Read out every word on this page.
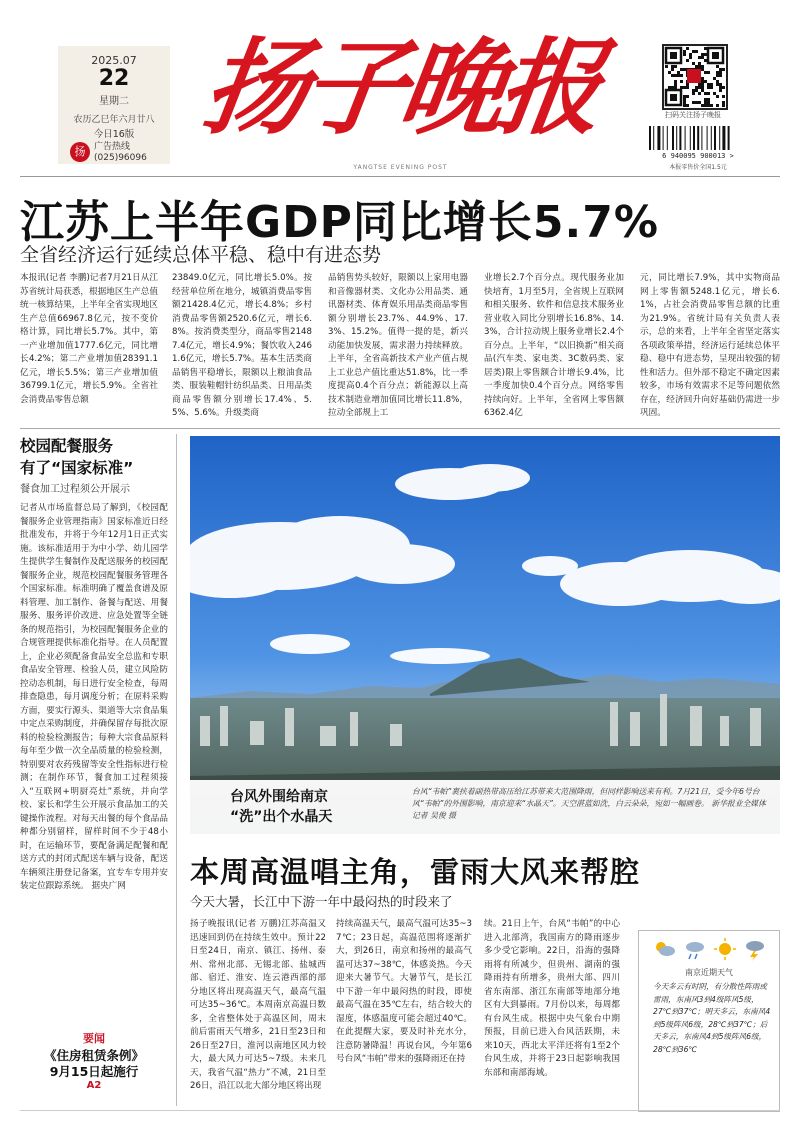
2025.07
22
星期二
农历乙巳年六月廿八
今日16版
扬 广告热线
(025)96096
扬子晚报
YANGTSE EVENING POST
扫码关注扬子晚报
6 940095 900013 >
本报零售价全国1.5元
江苏上半年GDP同比增长5.7%
全省经济运行延续总体平稳、稳中有进态势
本报讯(记者 李鹏)记者7月21日从江苏省统计局获悉，根据地区生产总值统一核算结果，上半年全省实现地区生产总值66967.8亿元，按不变价格计算，同比增长5.7%。其中，第一产业增加值1777.6亿元，同比增长4.2%；第二产业增加值28391.1亿元，增长5.5%；第三产业增加值36799.1亿元，增长5.9%。全省社会消费品零售总额
23849.0亿元，同比增长5.0%。按经营单位所在地分，城镇消费品零售额21428.4亿元，增长4.8%；乡村消费品零售额2520.6亿元，增长6.8%。按消费类型分，商品零售21487.4亿元，增长4.9%；餐饮收入2461.6亿元，增长5.7%。基本生活类商品销售平稳增长，限额以上粮油食品类、服装鞋帽针纺织品类、日用品类商品零售额分别增长17.4%、5.5%、5.6%。升级类商
品销售势头较好，限额以上家用电器和音像器材类、文化办公用品类、通讯器材类、体育娱乐用品类商品零售额分别增长23.7%、44.9%、17.3%、15.2%。值得一提的是，新兴动能加快发展，需求潜力持续释放。上半年，全省高新技术产业产值占规上工业总产值比重达51.8%，比一季度提高0.4个百分点；新能源以上高技术制造业增加值同比增长11.8%，拉动全部规上工
业增长2.7个百分点。现代服务业加快培育，1月至5月，全省规上互联网和相关服务、软件和信息技术服务业营业收入同比分别增长16.8%、14.3%，合计拉动规上服务业增长2.4个百分点。上半年，“以旧换新”相关商品(汽车类、家电类、3C数码类、家居类)限上零售额合计增长9.4%，比一季度加快0.4个百分点。网络零售持续向好。上半年，全省网上零售额6362.4亿
元，同比增长7.9%，其中实物商品网上零售额5248.1亿元，增长6.1%，占社会消费品零售总额的比重为21.9%。省统计局有关负责人表示，总的来看，上半年全省坚定落实各项政策举措，经济运行延续总体平稳、稳中有进态势，呈现出较强的韧性和活力。但外部不稳定不确定因素较多，市场有效需求不足等问题依然存在，经济回升向好基础仍需进一步巩固。
校园配餐服务
有了“国家标准”
餐食加工过程须公开展示
记者从市场监督总局了解到，《校园配餐服务企业管理指南》国家标准近日经批准发布，并将于今年12月1日正式实施。该标准适用于为中小学、幼儿园学生提供学生餐制作及配送服务的校园配餐服务企业，规范校园配餐服务管理各个国家标准。标准明确了覆盖食谱及原料管理、加工制作、备餐与配送、用餐服务、服务评价改进、应急处置等全链条的规范指引，为校园配餐服务企业的合规管理提供标准化指导。在人员配置上，企业必须配备食品安全总监和专职食品安全管理、检验人员，建立风险防控动态机制，每日进行安全检查，每周排查隐患，每月调度分析；在原料采购方面，要实行源头、渠道等大宗食品集中定点采购制度，并确保留存每批次原料的检验检测报告；每种大宗食品原料每年至少做一次全品质量的检验检测，特别要对农药残留等安全性指标进行检测；在制作环节，餐食加工过程须接入“互联网+明厨亮灶”系统，并向学校、家长和学生公开展示食品加工的关键操作流程。对每天出餐的每个食品品种都分别留样，留样时间不少于48小时，在运输环节，要配备满足配餐和配送方式的封闭式配送车辆与设备，配送车辆须注册登记备案，宜专车专用并安装定位跟踪系统。 据央广网
要闻
《住房租赁条例》
9月15日起施行
A2
台风外围给南京
“洗”出个水晶天
台风“韦帕”裹挟着副热带高压给江苏带来大范围降雨，但同样影响送来有利。7月21日，受今年6号台风“韦帕”的外围影响，南京迎来“水晶天”。天空湛蓝如洗，白云朵朵，宛如一幅画卷。 新华报业全媒体记者 吴俊 摄
本周高温唱主角，雷雨大风来帮腔
今天大暑，长江中下游一年中最闷热的时段来了
扬子晚报讯(记者 万鹏)江苏高温又迅速回到仍在持续生效中。预计22日至24日，南京、镇江、扬州、泰州、常州北部、无锡北部、盐城西部、宿迁、淮安、连云港西部的部分地区将出现高温天气，最高气温可达35~36℃。本周南京高温日数多，全省整体处于高温区间，周末前后雷雨天气增多，21日至23日和26日至27日，淮河以南地区风力较大，最大风力可达5~7级。未来几天，我省气温“热力”不减，21日至26日，沿江以北大部分地区将出现
持续高温天气，最高气温可达35~37℃；23日起，高温范围将逐渐扩大，到26日，南京和扬州的最高气温可达37~38℃，体感炎热。今天迎来大暑节气。大暑节气，是长江中下游一年中最闷热的时段，即使最高气温在35℃左右，结合较大的湿度，体感温度可能会超过40℃。在此提醒大家，要及时补充水分，注意防暑降温！再说台风，今年第6号台风“韦帕”带来的强降雨还在持
续。21日上午，台风“韦帕”的中心进入北部湾，我国南方的降雨逐步多少受它影响。22日，沿海的强降雨将有所减少，但贵州、湖南的强降雨持有所增多，贵州大部、四川省东南部、浙江东南部等地部分地区有大到暴雨。7月份以来，每周都有台风生成。根据中央气象台中期预报，目前已进入台风活跃期，未来10天，西北太平洋还将有1至2个台风生成，并将于23日起影响我国东部和南部海域。
南京近期天气
今天多云有时阴，有分散性阵雨或雷雨，东南风3到4级阵风5级，27℃到37℃；明天多云，东南风4到5级阵风6级，28℃到37℃；后天多云，东南风4到5级阵风6级，28℃到36℃
